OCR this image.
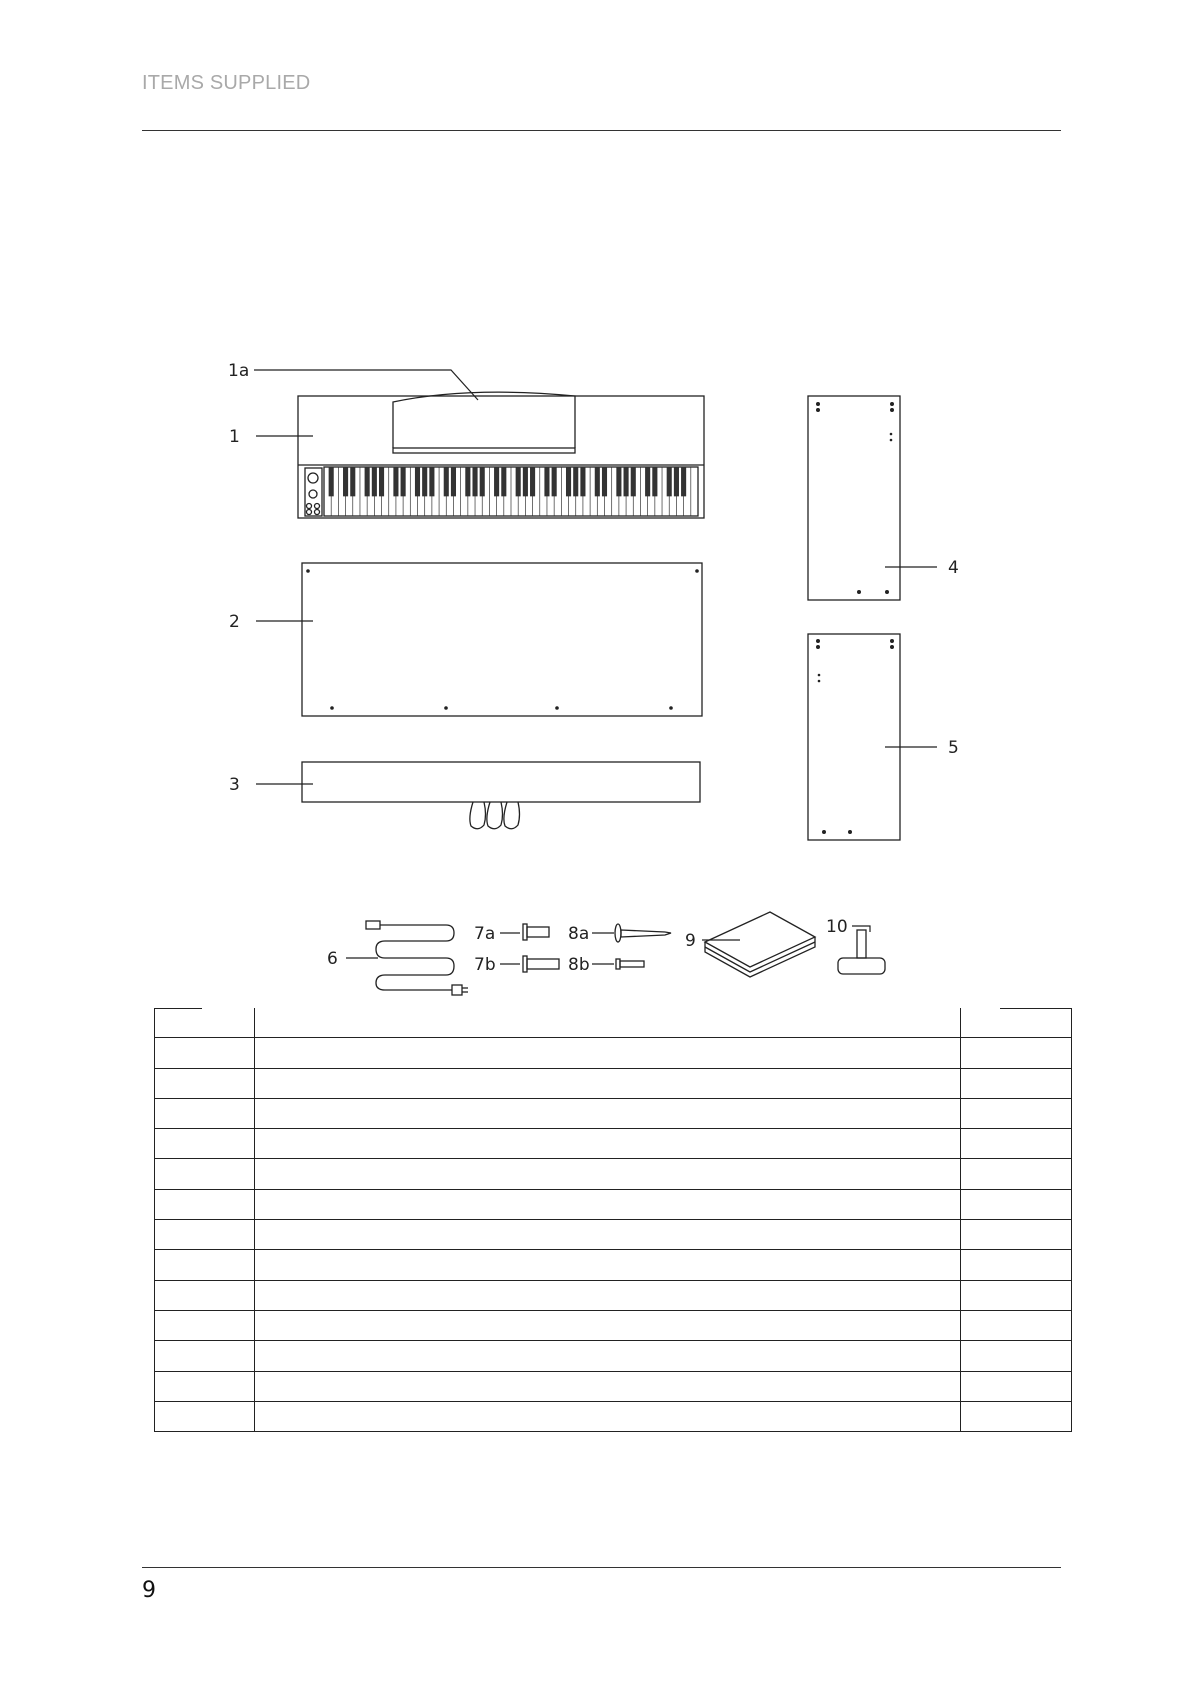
ITEMS SUPPLIED
1a
1
2
3
4
5
6
7a
7b
8a
8b
9
10

9
